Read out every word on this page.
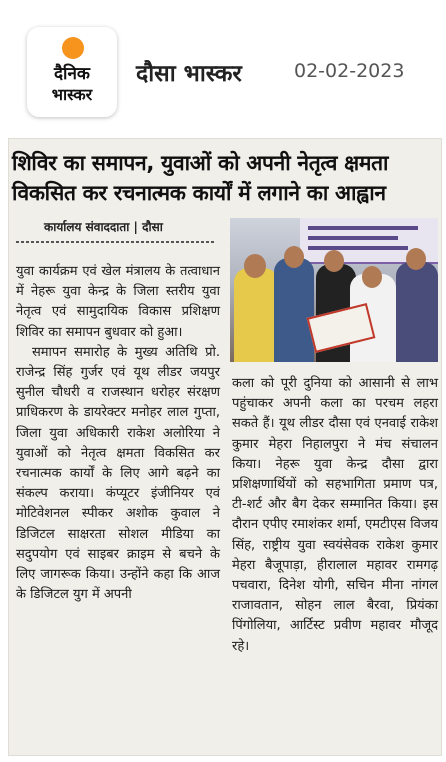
दैनिक
भास्कर
दौसा भास्कर	02-02-2023
शिविर का समापन, युवाओं को अपनी नेतृत्व क्षमता विकसित कर रचनात्मक कार्यों में लगाने का आह्वान
कार्यालय संवाददाता | दौसा

युवा कार्यक्रम एवं खेल मंत्रालय के तत्वाधान में नेहरू युवा केन्द्र के जिला स्तरीय युवा नेतृत्व एवं सामुदायिक विकास प्रशिक्षण शिविर का समापन बुधवार को हुआ।

समापन समारोह के मुख्य अतिथि प्रो. राजेन्द्र सिंह गुर्जर एवं यूथ लीडर जयपुर सुनील चौधरी व राजस्थान धरोहर संरक्षण प्राधिकरण के डायरेक्टर मनोहर लाल गुप्ता, जिला युवा अधिकारी राकेश अलोरिया ने युवाओं को नेतृत्व क्षमता विकसित कर रचनात्मक कार्यों के लिए आगे बढ़ने का संकल्प कराया। कंप्यूटर इंजीनियर एवं मोटिवेशनल स्पीकर अशोक कुवाल ने डिजिटल साक्षरता सोशल मीडिया का सदुपयोग एवं साइबर क्राइम से बचने के लिए जागरूक किया। उन्होंने कहा कि आज के डिजिटल युग में अपनी

कला को पूरी दुनिया को आसानी से लाभ पहुंचाकर अपनी कला का परचम लहरा सकते हैं। यूथ लीडर दौसा एवं एनवाई राकेश कुमार मेहरा निहालपुरा ने मंच संचालन किया। नेहरू युवा केन्द्र दौसा द्वारा प्रशिक्षणार्थियों को सहभागिता प्रमाण पत्र, टी-शर्ट और बैग देकर सम्मानित किया। इस दौरान एपीए रमाशंकर शर्मा, एमटीएस विजय सिंह, राष्ट्रीय युवा स्वयंसेवक राकेश कुमार मेहरा बैजूपाड़ा, हीरालाल महावर रामगढ़ पचवारा, दिनेश योगी, सचिन मीना नांगल राजावतान, सोहन लाल बैरवा, प्रियंका पिंगोलिया, आर्टिस्ट प्रवीण महावर मौजूद रहे।
